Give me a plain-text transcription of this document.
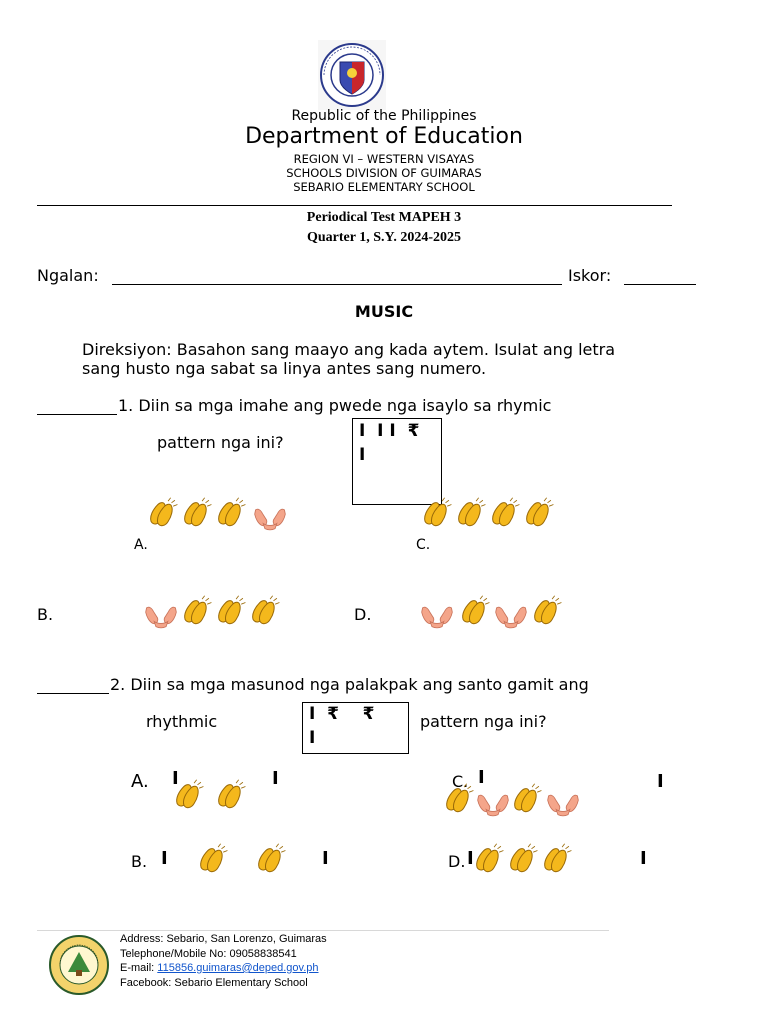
Republic of the Philippines
Department of Education
REGION VI – WESTERN VISAYAS
SCHOOLS DIVISION OF GUIMARAS
SEBARIO ELEMENTARY SCHOOL
Periodical Test MAPEH 3
Quarter 1, S.Y. 2024-2025
Ngalan:	Iskor:
MUSIC
Direksiyon: Basahon sang maayo ang kada aytem. Isulat ang letra
sang husto nga sabat sa linya antes sang numero.
1. Diin sa mga imahe ang pwede nga isaylo sa rhymic
pattern nga ini?
I  I I  ₹
I
A.	C.
B.	D.
2. Diin sa mga masunod nga palakpak ang santo gamit ang
rhythmic	I  ₹    ₹
I
pattern nga ini?
A. I	I	C. I	I
B. I	I	D. I	I
Address: Sebario, San Lorenzo, Guimaras
Telephone/Mobile No: 09058838541
E-mail: 115856.guimaras@deped.gov.ph
Facebook: Sebario Elementary School
